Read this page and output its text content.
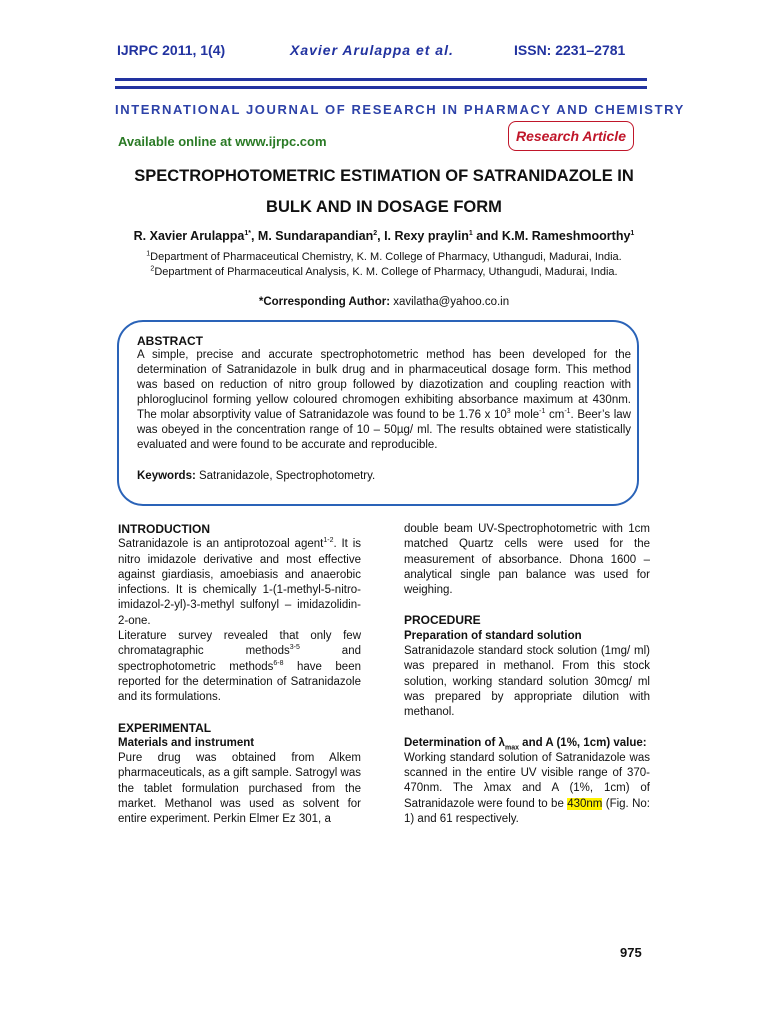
IJRPC 2011, 1(4)	Xavier Arulappa et al.	ISSN: 2231–2781
INTERNATIONAL JOURNAL OF RESEARCH IN PHARMACY AND CHEMISTRY
Available online at www.ijrpc.com	Research Article
SPECTROPHOTOMETRIC ESTIMATION OF SATRANIDAZOLE IN
BULK AND IN DOSAGE FORM
R. Xavier Arulappa$^{1*}$, M. Sundarapandian$^2$, I. Rexy praylin$^1$ and K.M. Rameshmoorthy$^1$
$^1$Department of Pharmaceutical Chemistry, K. M. College of Pharmacy, Uthangudi, Madurai, India.
$^2$Department of Pharmaceutical Analysis, K. M. College of Pharmacy, Uthangudi, Madurai, India.
*Corresponding Author: xavilatha@yahoo.co.in
ABSTRACT
A simple, precise and accurate spectrophotometric method has been developed for the determination of Satranidazole in bulk drug and in pharmaceutical dosage form. This method was based on reduction of nitro group followed by diazotization and coupling reaction with phloroglucinol forming yellow coloured chromogen exhibiting absorbance maximum at 430nm. The molar absorptivity value of Satranidazole was found to be 1.76 x $10^3$ mole$^{-1}$ $cm^{-1}$. Beer’s law was obeyed in the concentration range of 10 – 50µg/ ml. The results obtained were statistically evaluated and were found to be accurate and reproducible.
Keywords: Satranidazole, Spectrophotometry.
INTRODUCTION
Satranidazole is an antiprotozoal agent$^{1-2}$. It is nitro imidazole derivative and most effective against giardiasis, amoebiasis and anaerobic infections. It is chemically 1-(1-methyl-5-nitro-imidazol-2-yl)-3-methyl sulfonyl – imidazolidin-2-one.
Literature survey revealed that only few chromatagraphic methods$^{3-5}$ and spectrophotometric methods$^{6-8}$ have been reported for the determination of Satranidazole and its formulations.
EXPERIMENTAL
Materials and instrument
Pure drug was obtained from Alkem pharmaceuticals, as a gift sample. Satrogyl was the tablet formulation purchased from the market. Methanol was used as solvent for entire experiment. Perkin Elmer Ez 301, a
double beam UV-Spectrophotometric with 1cm matched Quartz cells were used for the measurement of absorbance. Dhona 1600 – analytical single pan balance was used for weighing.
PROCEDURE
Preparation of standard solution
Satranidazole standard stock solution (1mg/ ml) was prepared in methanol. From this stock solution, working standard solution 30mcg/ ml was prepared by appropriate dilution with methanol.
Determination of $\lambda_{max}$ and A (1%, 1cm) value:
Working standard solution of Satranidazole was scanned in the entire UV visible range of 370-470nm. The λmax and A (1%, 1cm) of Satranidazole were found to be 430nm (Fig. No: 1) and 61 respectively.
975
